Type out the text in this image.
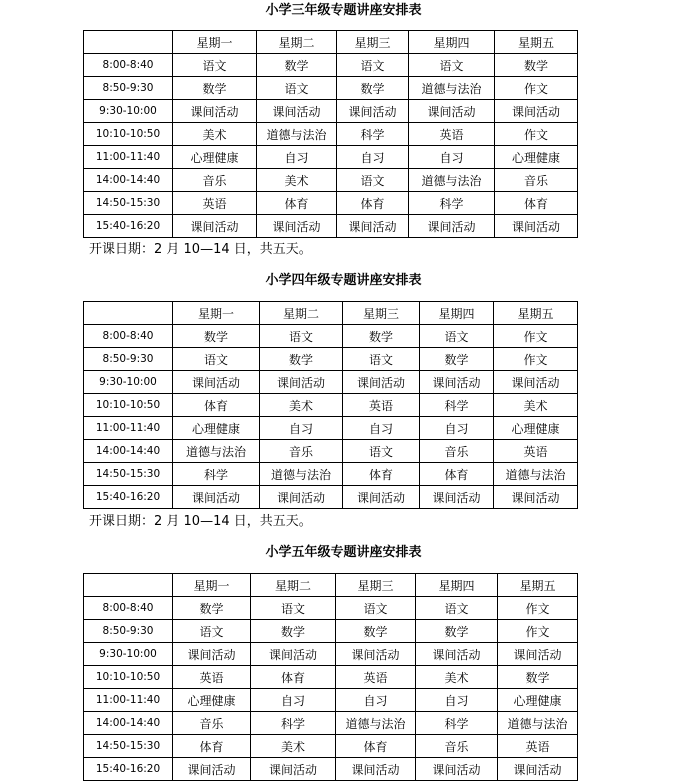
小学三年级专题讲座安排表
	星期一	星期二	星期三	星期四	星期五
8:00-8:40	语文	数学	语文	语文	数学
8:50-9:30	数学	语文	数学	道德与法治	作文
9:30-10:00	课间活动	课间活动	课间活动	课间活动	课间活动
10:10-10:50	美术	道德与法治	科学	英语	作文
11:00-11:40	心理健康	自习	自习	自习	心理健康
14:00-14:40	音乐	美术	语文	道德与法治	音乐
14:50-15:30	英语	体育	体育	科学	体育
15:40-16:20	课间活动	课间活动	课间活动	课间活动	课间活动
开课日期：2 月 10—14 日，共五天。
小学四年级专题讲座安排表
	星期一	星期二	星期三	星期四	星期五
8:00-8:40	数学	语文	数学	语文	作文
8:50-9:30	语文	数学	语文	数学	作文
9:30-10:00	课间活动	课间活动	课间活动	课间活动	课间活动
10:10-10:50	体育	美术	英语	科学	美术
11:00-11:40	心理健康	自习	自习	自习	心理健康
14:00-14:40	道德与法治	音乐	语文	音乐	英语
14:50-15:30	科学	道德与法治	体育	体育	道德与法治
15:40-16:20	课间活动	课间活动	课间活动	课间活动	课间活动
开课日期：2 月 10—14 日，共五天。
小学五年级专题讲座安排表
	星期一	星期二	星期三	星期四	星期五
8:00-8:40	数学	语文	语文	语文	作文
8:50-9:30	语文	数学	数学	数学	作文
9:30-10:00	课间活动	课间活动	课间活动	课间活动	课间活动
10:10-10:50	英语	体育	英语	美术	数学
11:00-11:40	心理健康	自习	自习	自习	心理健康
14:00-14:40	音乐	科学	道德与法治	科学	道德与法治
14:50-15:30	体育	美术	体育	音乐	英语
15:40-16:20	课间活动	课间活动	课间活动	课间活动	课间活动
